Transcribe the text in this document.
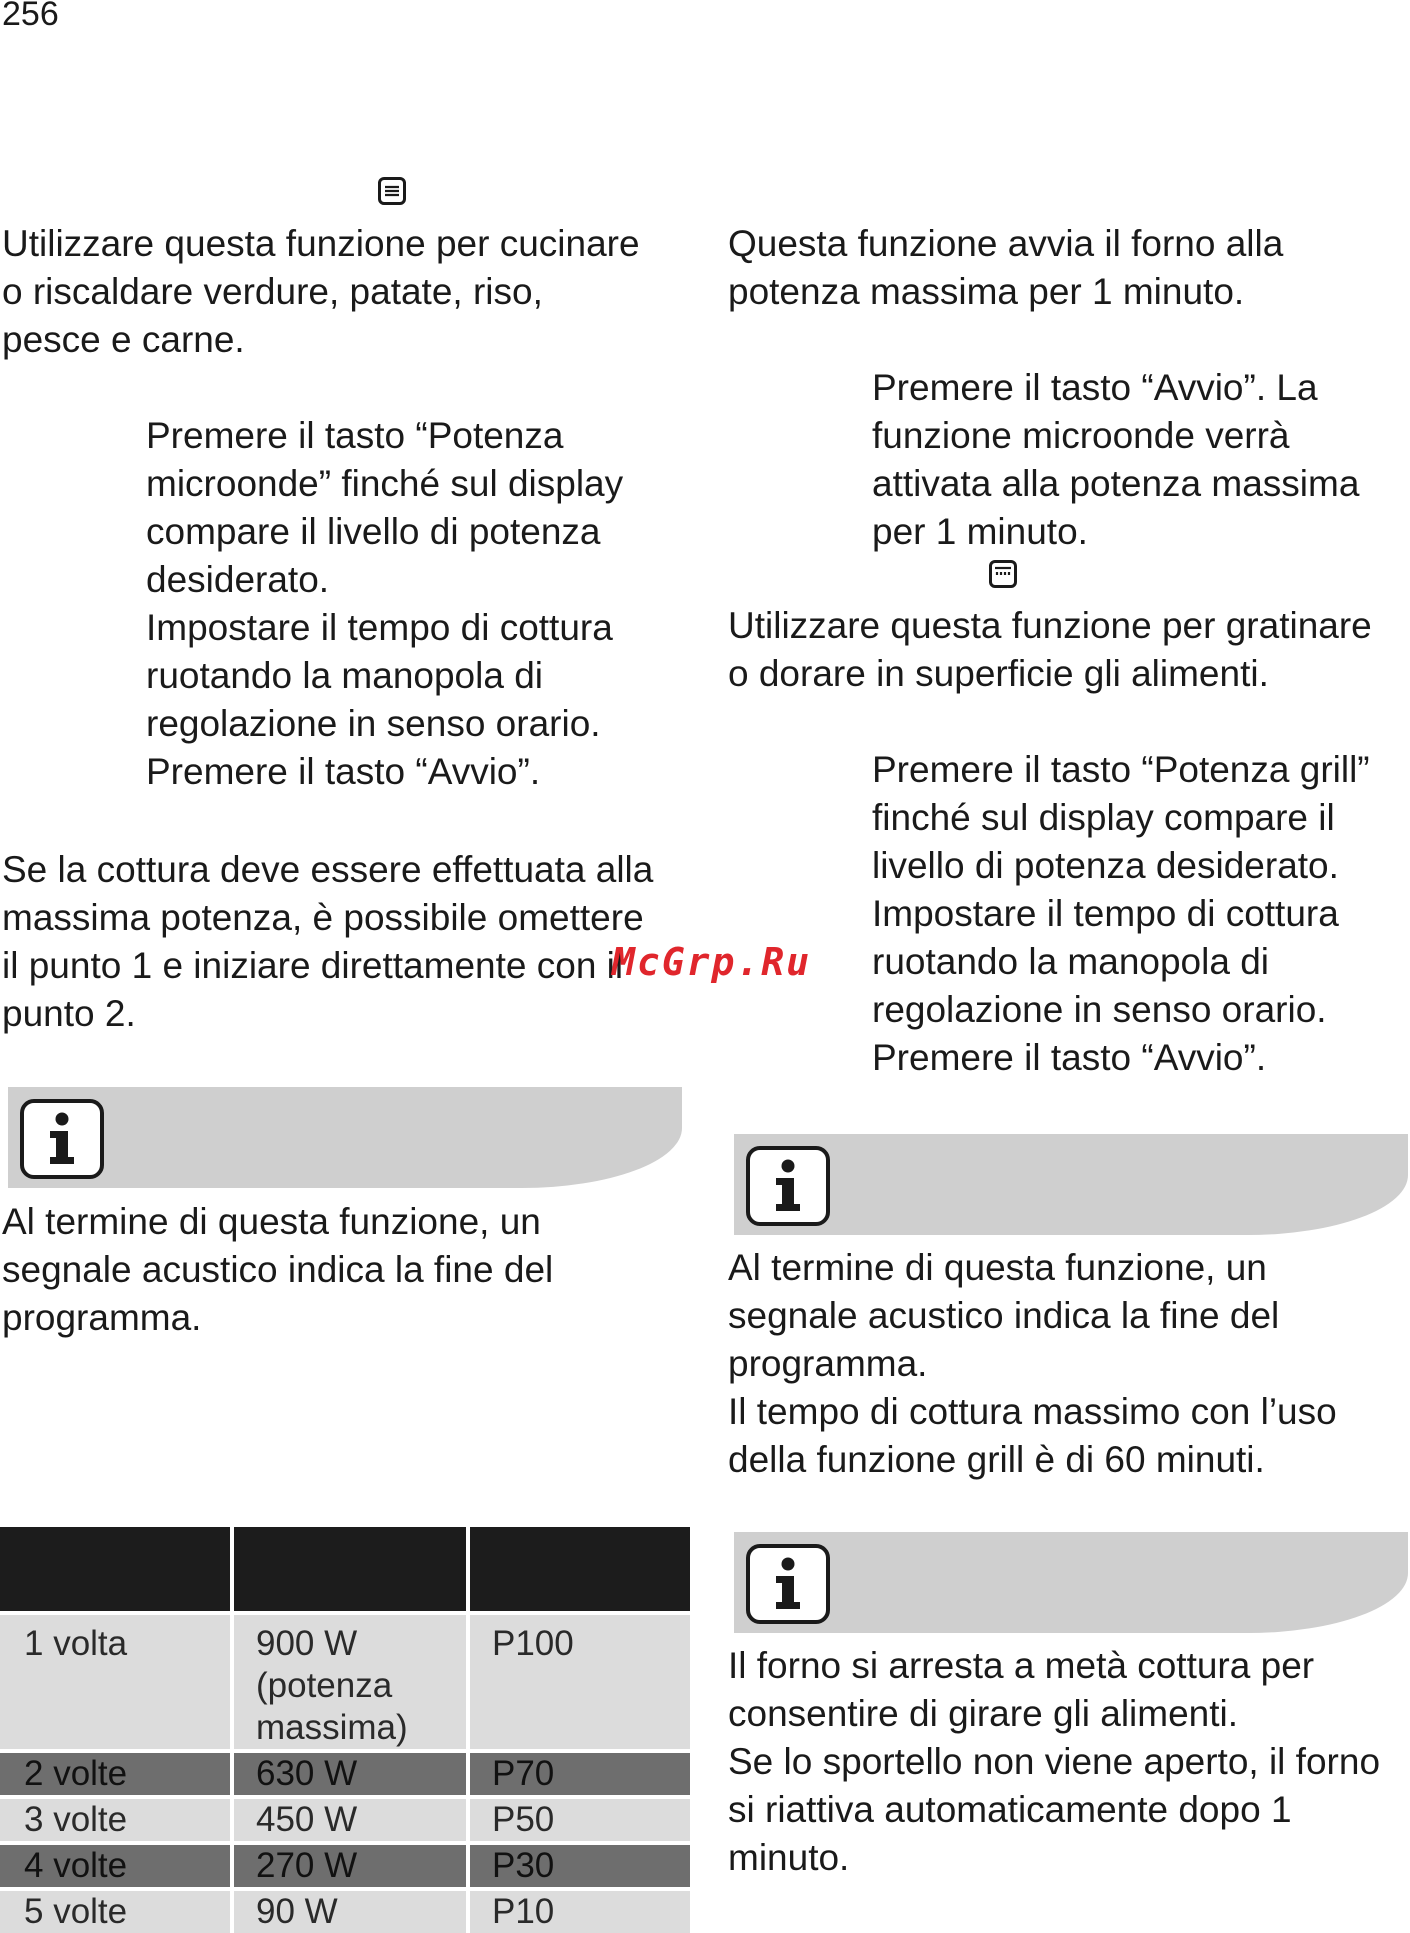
256

Utilizzare questa funzione per cucinare
o riscaldare verdure, patate, riso,
pesce e carne.

Premere il tasto “Potenza
microonde” finché sul display
compare il livello di potenza
desiderato.
Impostare il tempo di cottura
ruotando la manopola di
regolazione in senso orario.
Premere il tasto “Avvio”.

Se la cottura deve essere effettuata alla
massima potenza, è possibile omettere
il punto 1 e iniziare direttamente con il
punto 2.

Al termine di questa funzione, un
segnale acustico indica la fine del
programma.

1 volta	900 W
(potenza
massima)	P100
2 volte	630 W	P70
3 volte	450 W	P50
4 volte	270 W	P30
5 volte	90 W	P10

Questa funzione avvia il forno alla
potenza massima per 1 minuto.

Premere il tasto “Avvio”. La
funzione microonde verrà
attivata alla potenza massima
per 1 minuto.

Utilizzare questa funzione per gratinare
o dorare in superficie gli alimenti.

Premere il tasto “Potenza grill”
finché sul display compare il
livello di potenza desiderato.
Impostare il tempo di cottura
ruotando la manopola di
regolazione in senso orario.
Premere il tasto “Avvio”.

Al termine di questa funzione, un
segnale acustico indica la fine del
programma.
Il tempo di cottura massimo con l’uso
della funzione grill è di 60 minuti.

Il forno si arresta a metà cottura per
consentire di girare gli alimenti.
Se lo sportello non viene aperto, il forno
si riattiva automaticamente dopo 1
minuto.

McGrp.Ru
